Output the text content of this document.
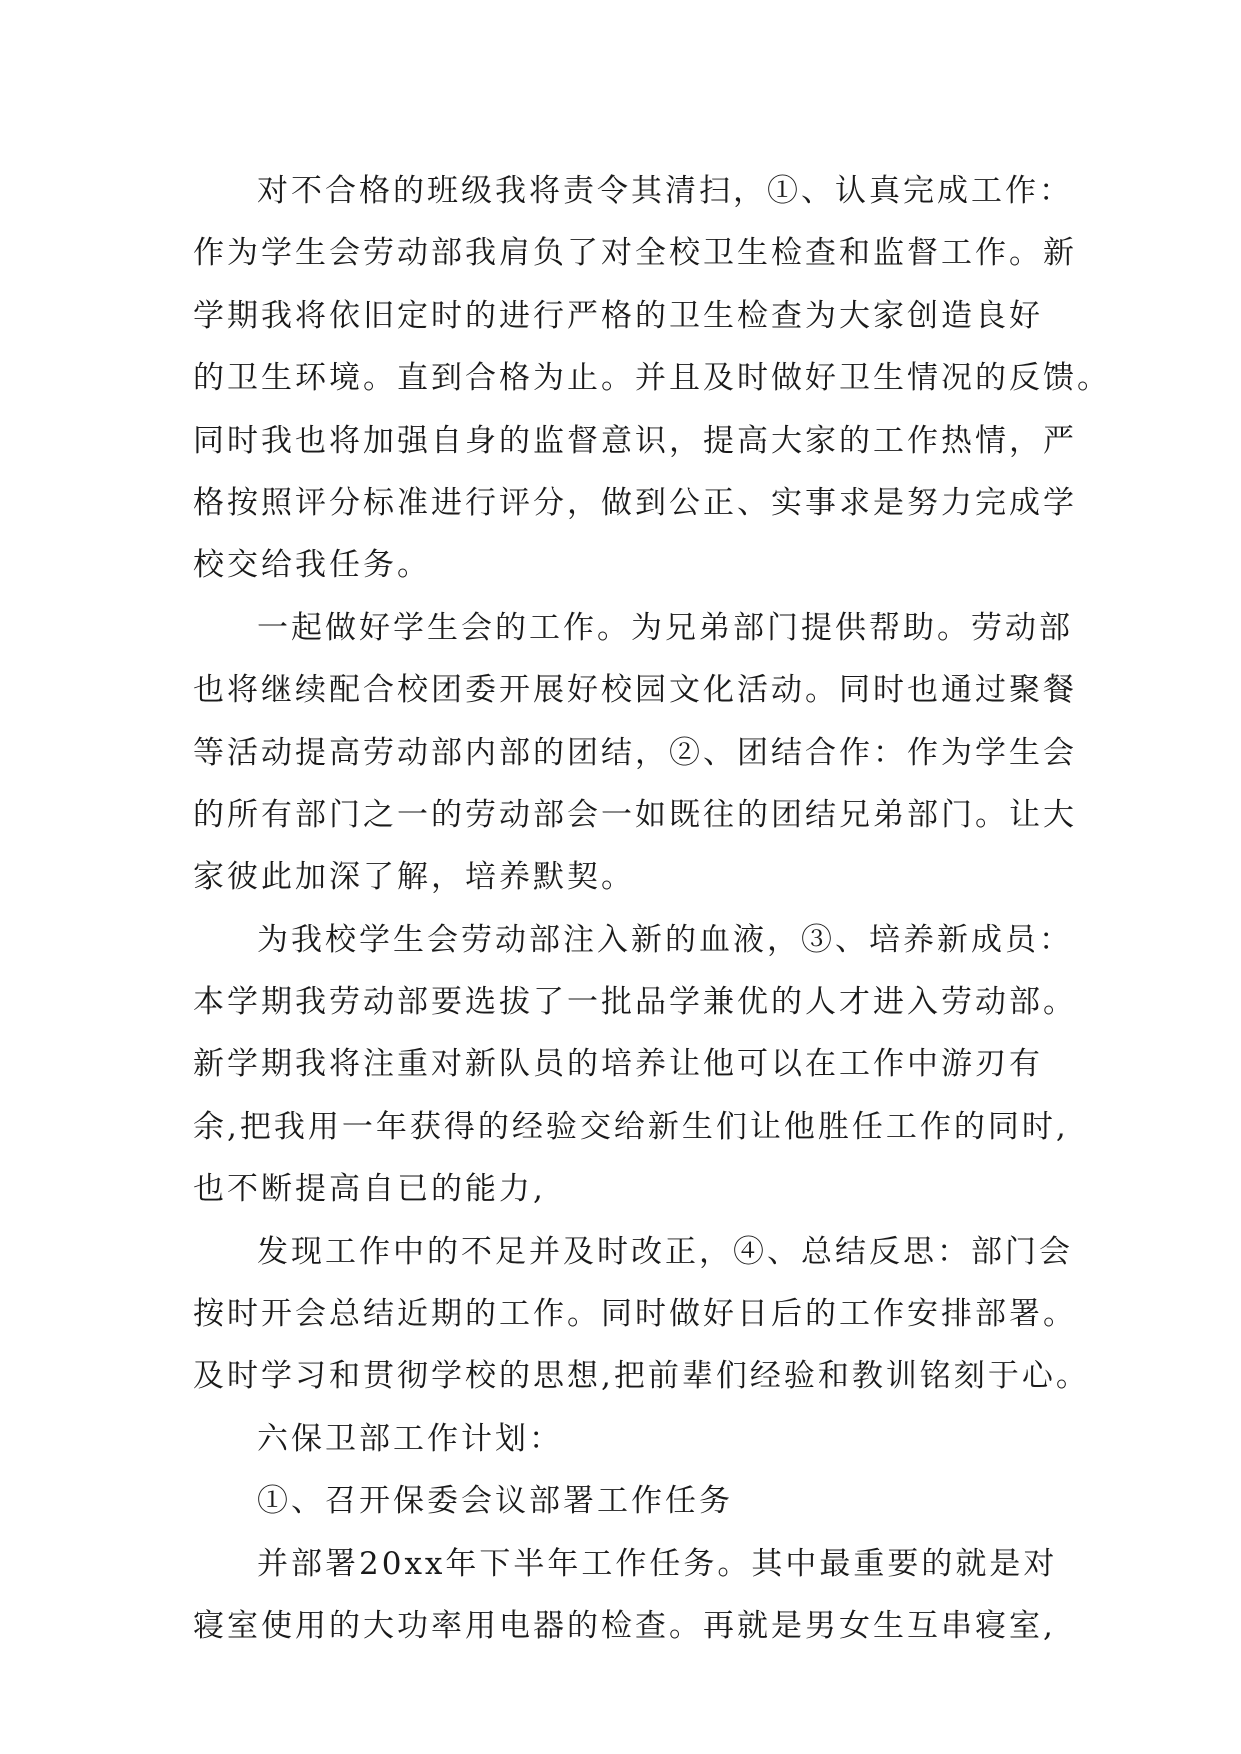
对不合格的班级我将责令其清扫，①、认真完成工作：
作为学生会劳动部我肩负了对全校卫生检查和监督工作。新
学期我将依旧定时的进行严格的卫生检查为大家创造良好
的卫生环境。直到合格为止。并且及时做好卫生情况的反馈。
同时我也将加强自身的监督意识，提高大家的工作热情，严
格按照评分标准进行评分，做到公正、实事求是努力完成学
校交给我任务。
一起做好学生会的工作。为兄弟部门提供帮助。劳动部
也将继续配合校团委开展好校园文化活动。同时也通过聚餐
等活动提高劳动部内部的团结，②、团结合作：作为学生会
的所有部门之一的劳动部会一如既往的团结兄弟部门。让大
家彼此加深了解，培养默契。
为我校学生会劳动部注入新的血液，③、培养新成员：
本学期我劳动部要选拔了一批品学兼优的人才进入劳动部。
新学期我将注重对新队员的培养让他可以在工作中游刃有
余,把我用一年获得的经验交给新生们让他胜任工作的同时,
也不断提高自已的能力,
发现工作中的不足并及时改正，④、总结反思：部门会
按时开会总结近期的工作。同时做好日后的工作安排部署。
及时学习和贯彻学校的思想,把前辈们经验和教训铭刻于心。
六保卫部工作计划：
①、召开保委会议部署工作任务
并部署20xx年下半年工作任务。其中最重要的就是对
寝室使用的大功率用电器的检查。再就是男女生互串寝室,
